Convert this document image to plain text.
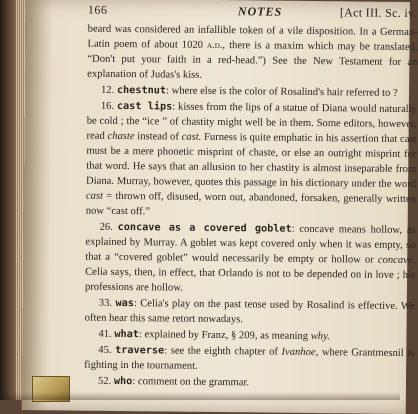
166	NOTES	[Act III. Sc. iv.

beard was considered an infallible token of a vile disposition. In a German-Latin poem of about 1020 a.d., there is a maxim which may be translated, “Don't put your faith in a red-head.”) See the New Testament for an explanation of Judas's kiss.

12. chestnut: where else is the color of Rosalind's hair referred to ?

16. cast lips: kisses from the lips of a statue of Diana would naturally be cold ; the “ice ” of chastity might well be in them. Some editors, however, read chaste instead of cast. Furness is quite emphatic in his assertion that cast must be a mere phonetic misprint of chaste, or else an outright misprint for that word. He says that an allusion to her chastity is almost inseparable from Diana. Murray, however, quotes this passage in his dictionary under the word cast = thrown off, disused, worn out, abandoned, forsaken, generally written now “cast off.”

26. concave as a covered goblet: concave means hollow, as explained by Murray. A goblet was kept covered only when it was empty, so that a “covered goblet” would necessarily be empty or hollow or concave. Celia says, then, in effect, that Orlando is not to be depended on in love ; his professions are hollow.

33. was: Celia's play on the past tense used by Rosalind is effective. We often hear this same retort nowadays.

41. what: explained by Franz, § 209, as meaning why.

45. traverse: see the eighth chapter of Ivanhoe, where Grantmesnil is fighting in the tournament.

52. who: comment on the grammar.
